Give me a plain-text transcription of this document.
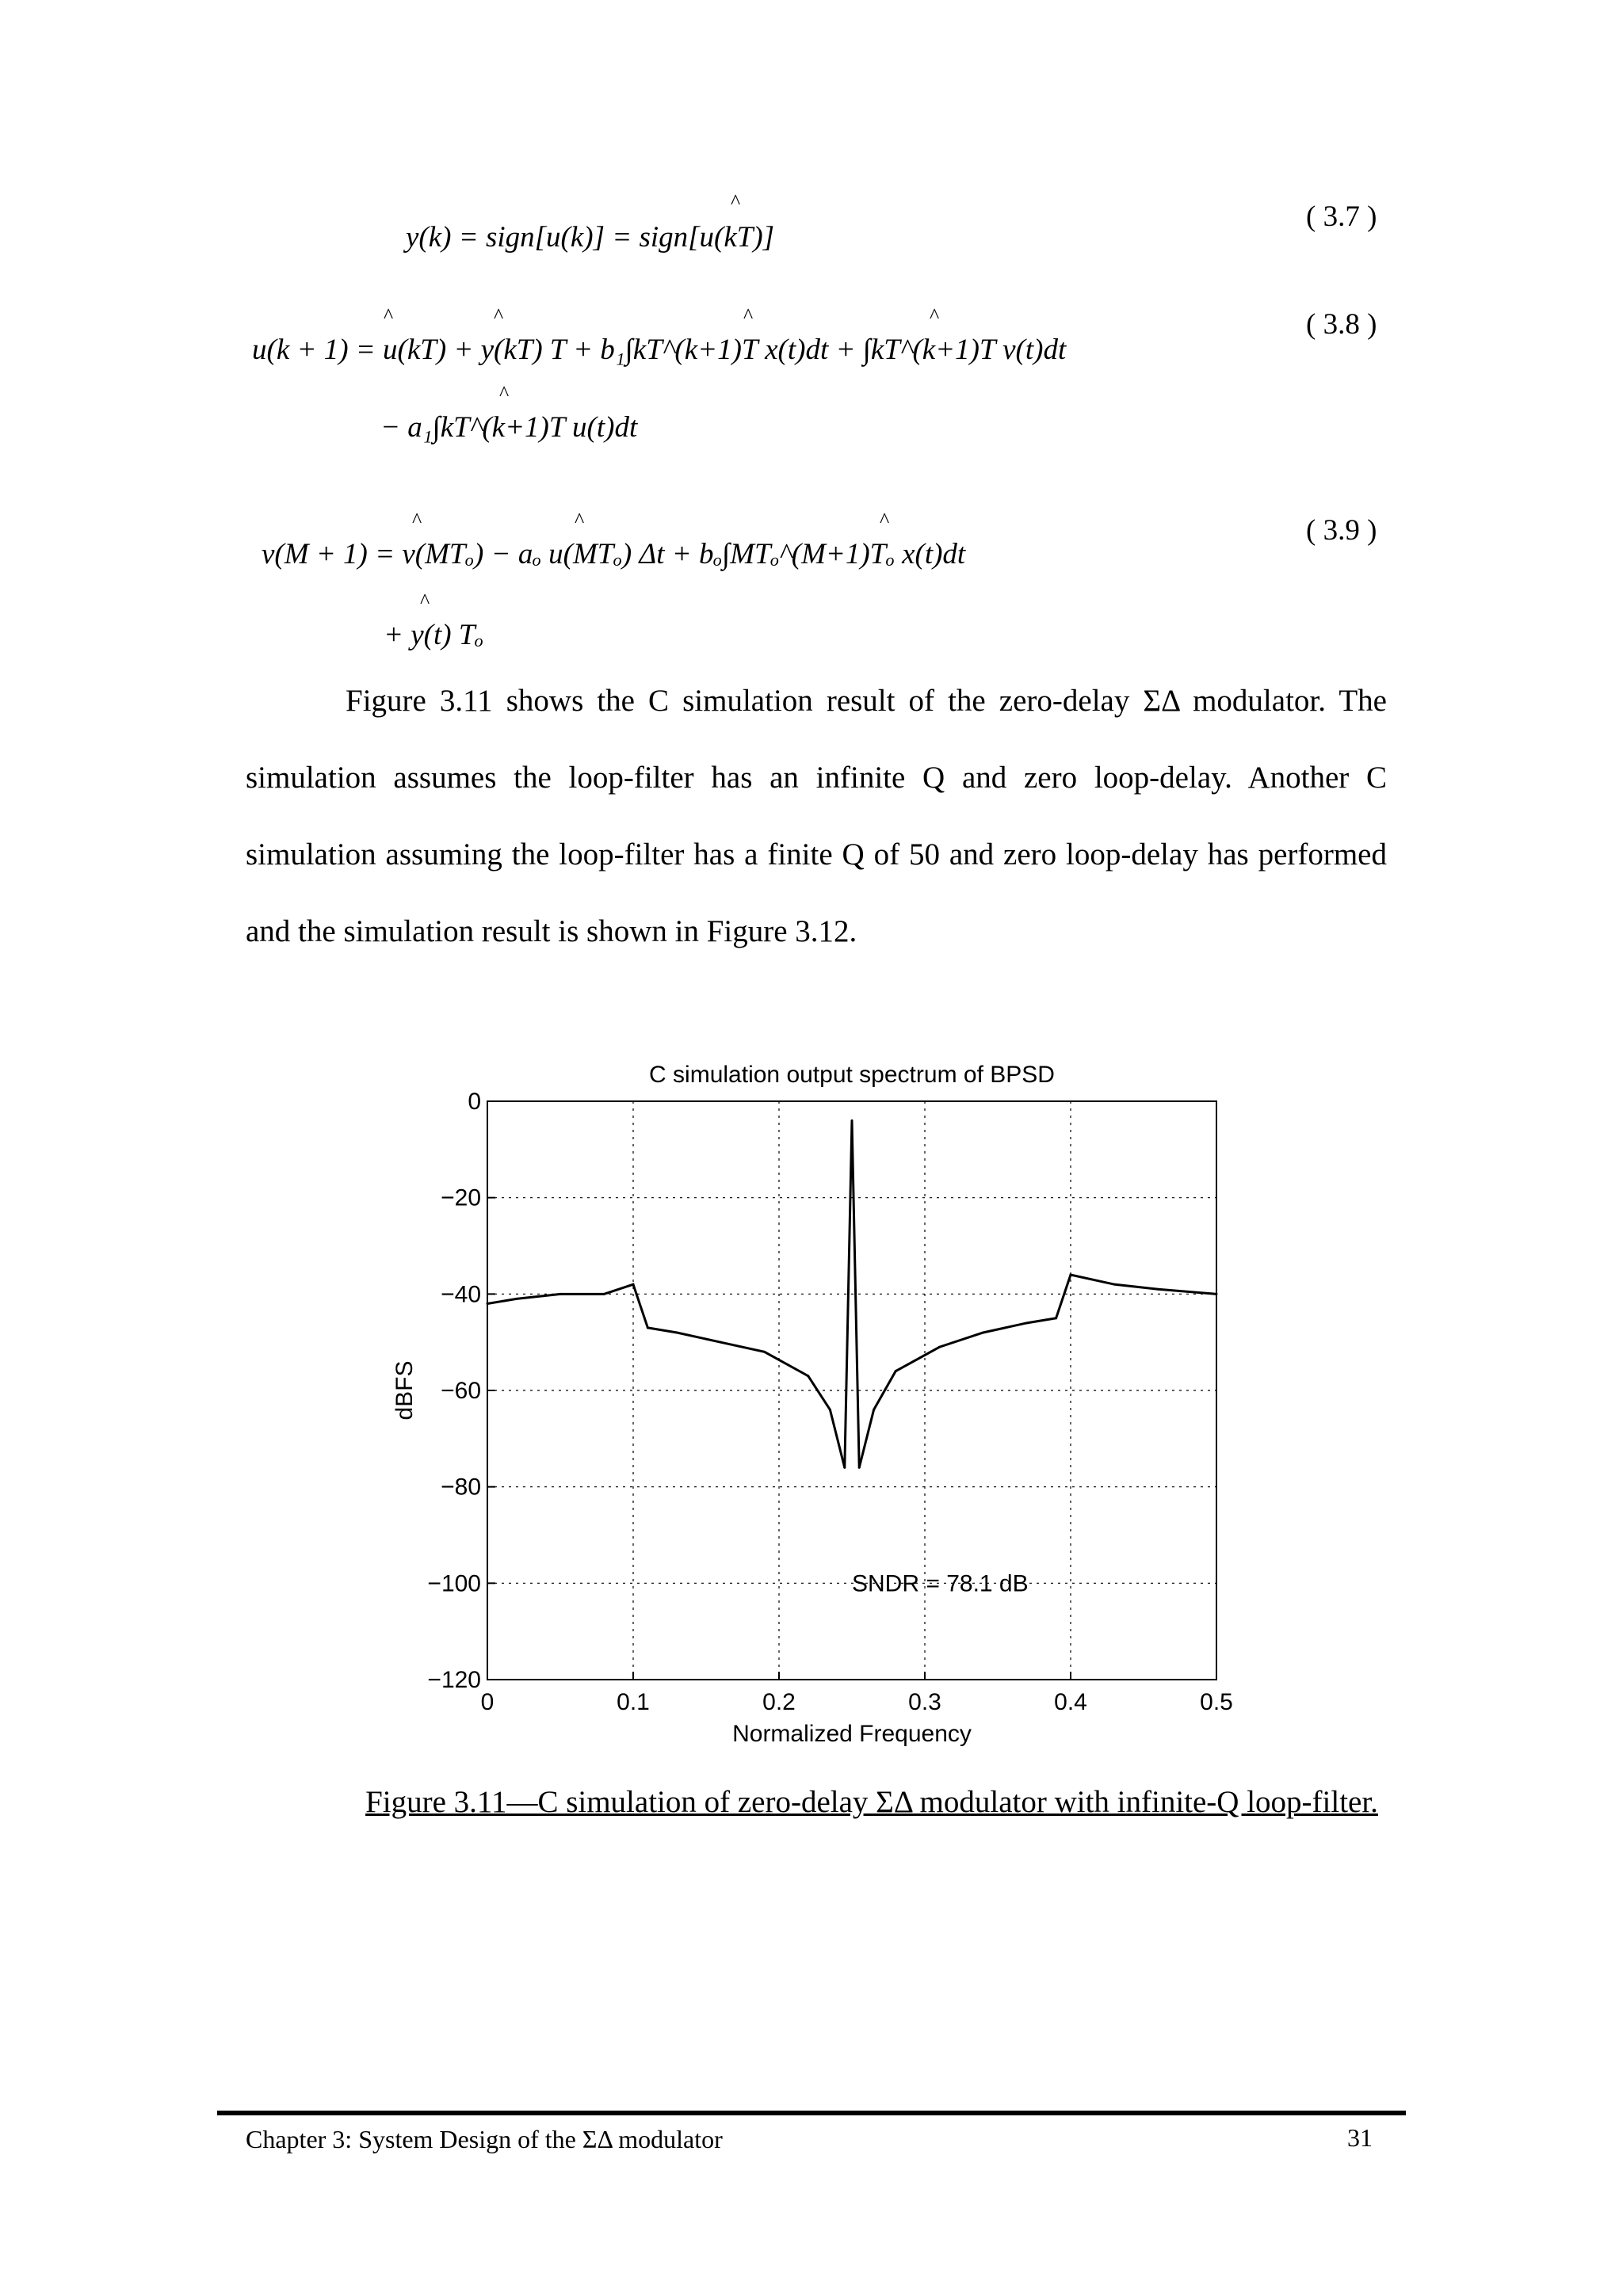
y(k) = sign[u(k)] = sign[u(kT)]
^	( 3.7 )
u(k + 1) = u(kT) + y(kT) T + b₁∫kT^(k+1)T x(t)dt + ∫kT^(k+1)T v(t)dt
^	^	^	^
− a₁∫kT^(k+1)T u(t)dt
^
( 3.8 )
v(M + 1) = v(MTₒ) − aₒ u(MTₒ) Δt + bₒ∫MTₒ^(M+1)Tₒ x(t)dt
^	^	^
+ y(t) Tₒ
^
( 3.9 )

Figure 3.11 shows the C simulation result of the zero-delay ΣΔ modulator. The simulation assumes the loop-filter has an infinite Q and zero loop-delay. Another C simulation assuming the loop-filter has a finite Q of 50 and zero loop-delay has performed and the simulation result is shown in Figure 3.12.

0	0.1	0.2	0.3	0.4	0.5
0
−20
−40
−60
−80
−100
−120
C simulation output spectrum of BPSD
Normalized Frequency
dBFS
SNDR = 78.1 dB
Figure 3.11—C simulation of zero-delay ΣΔ modulator with infinite-Q loop-filter.
Chapter 3: System Design of the ΣΔ modulator	31
